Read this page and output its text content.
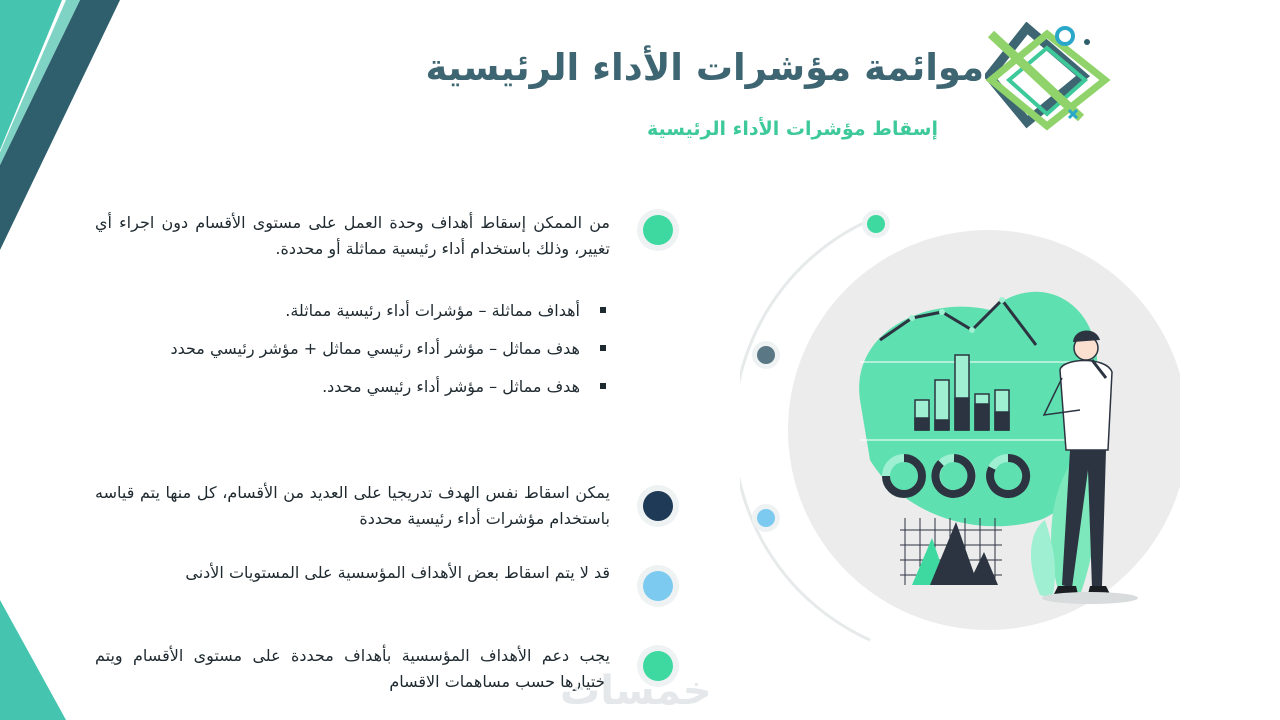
موائمة مؤشرات الأداء الرئيسية
إسقاط مؤشرات الأداء الرئيسية
من الممكن إسقاط أهداف وحدة العمل على مستوى الأقسام دون اجراء أي تغيير، وذلك باستخدام أداء رئيسية مماثلة أو محددة.
أهداف مماثلة – مؤشرات أداء رئيسية مماثلة.
هدف مماثل – مؤشر أداء رئيسي مماثل + مؤشر رئيسي محدد
هدف مماثل – مؤشر أداء رئيسي محدد.
يمكن اسقاط نفس الهدف تدريجيا على العديد من الأقسام، كل منها يتم قياسه باستخدام مؤشرات أداء رئيسية محددة
قد لا يتم اسقاط بعض الأهداف المؤسسية على المستويات الأدنى
يجب دعم الأهداف المؤسسية بأهداف محددة على مستوى الأقسام ويتم اختيارها حسب مساهمات الاقسام
خمسات
